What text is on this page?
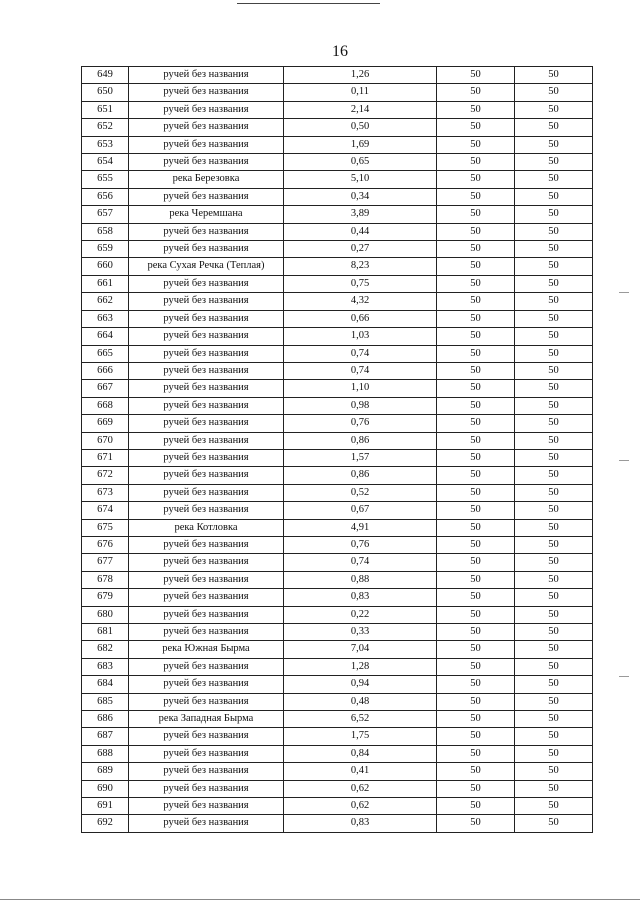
16
649	ручей без названия	1,26	50	50
650	ручей без названия	0,11	50	50
651	ручей без названия	2,14	50	50
652	ручей без названия	0,50	50	50
653	ручей без названия	1,69	50	50
654	ручей без названия	0,65	50	50
655	река Березовка	5,10	50	50
656	ручей без названия	0,34	50	50
657	река Черемшана	3,89	50	50
658	ручей без названия	0,44	50	50
659	ручей без названия	0,27	50	50
660	река Сухая Речка (Теплая)	8,23	50	50
661	ручей без названия	0,75	50	50
662	ручей без названия	4,32	50	50
663	ручей без названия	0,66	50	50
664	ручей без названия	1,03	50	50
665	ручей без названия	0,74	50	50
666	ручей без названия	0,74	50	50
667	ручей без названия	1,10	50	50
668	ручей без названия	0,98	50	50
669	ручей без названия	0,76	50	50
670	ручей без названия	0,86	50	50
671	ручей без названия	1,57	50	50
672	ручей без названия	0,86	50	50
673	ручей без названия	0,52	50	50
674	ручей без названия	0,67	50	50
675	река Котловка	4,91	50	50
676	ручей без названия	0,76	50	50
677	ручей без названия	0,74	50	50
678	ручей без названия	0,88	50	50
679	ручей без названия	0,83	50	50
680	ручей без названия	0,22	50	50
681	ручей без названия	0,33	50	50
682	река Южная Бырма	7,04	50	50
683	ручей без названия	1,28	50	50
684	ручей без названия	0,94	50	50
685	ручей без названия	0,48	50	50
686	река Западная Бырма	6,52	50	50
687	ручей без названия	1,75	50	50
688	ручей без названия	0,84	50	50
689	ручей без названия	0,41	50	50
690	ручей без названия	0,62	50	50
691	ручей без названия	0,62	50	50
692	ручей без названия	0,83	50	50
